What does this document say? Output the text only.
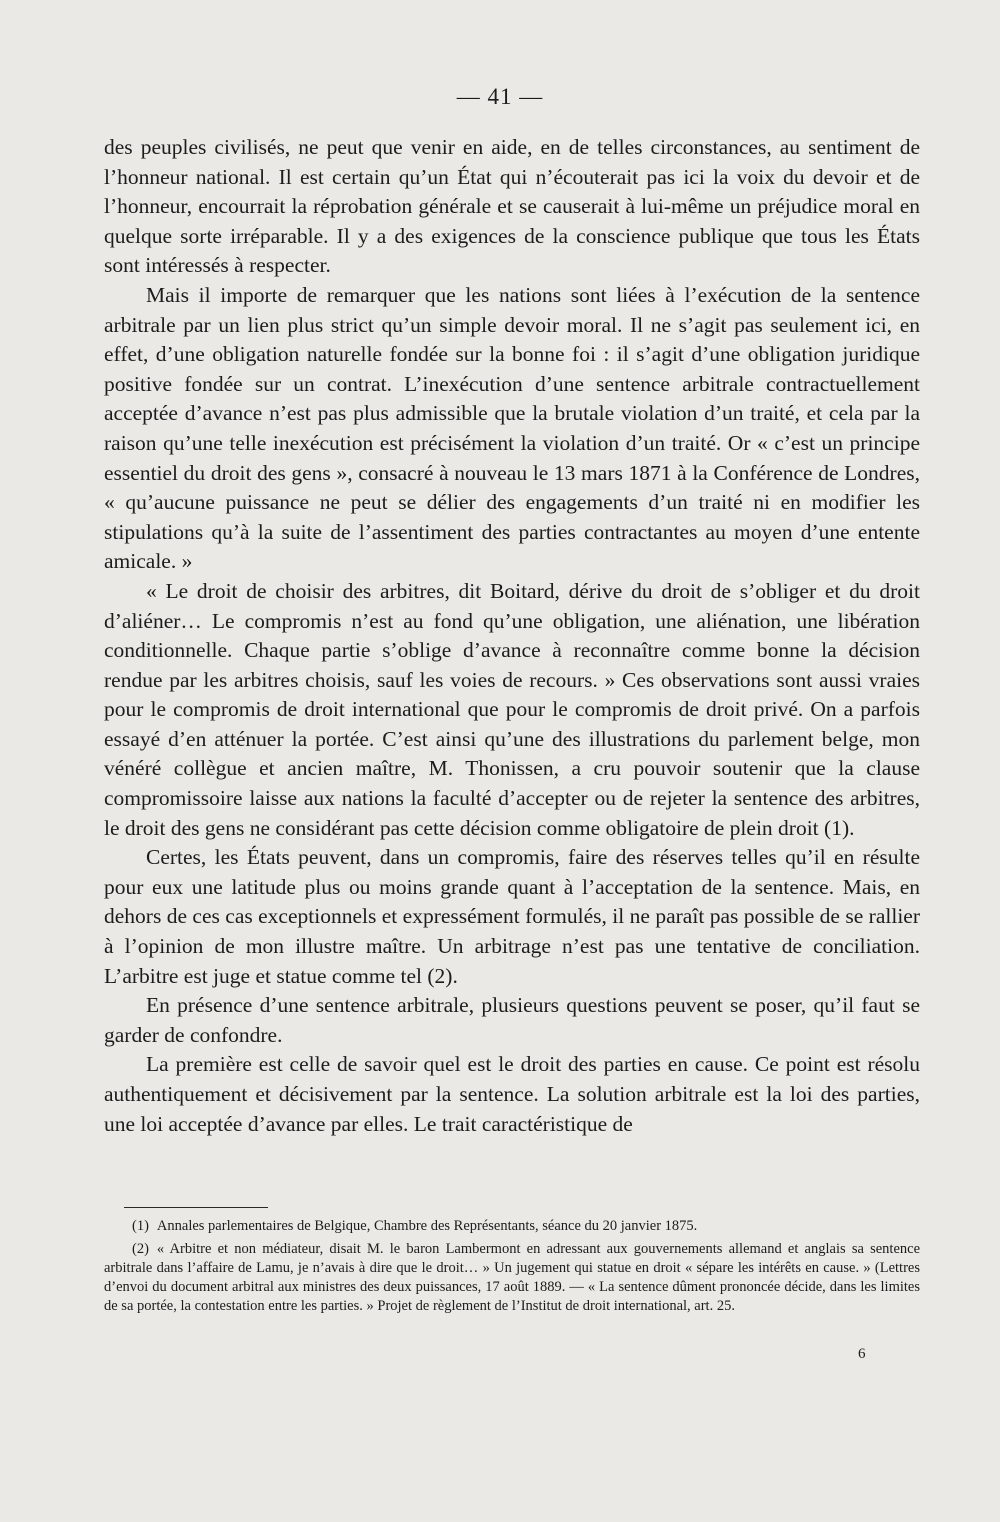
— 41 —

des peuples civilisés, ne peut que venir en aide, en de telles circonstances, au sentiment de l’honneur national. Il est certain qu’un État qui n’écouterait pas ici la voix du devoir et de l’honneur, encourrait la réprobation générale et se causerait à lui-même un préjudice moral en quelque sorte irréparable. Il y a des exigences de la conscience publique que tous les États sont intéressés à respecter.

Mais il importe de remarquer que les nations sont liées à l’exécution de la sentence arbitrale par un lien plus strict qu’un simple devoir moral. Il ne s’agit pas seulement ici, en effet, d’une obligation naturelle fondée sur la bonne foi : il s’agit d’une obligation juridique positive fondée sur un contrat. L’inexécution d’une sentence arbitrale contractuellement acceptée d’avance n’est pas plus admissible que la brutale violation d’un traité, et cela par la raison qu’une telle inexécution est précisément la violation d’un traité. Or « c’est un principe essentiel du droit des gens », consacré à nouveau le 13 mars 1871 à la Conférence de Londres, « qu’aucune puissance ne peut se délier des engagements d’un traité ni en modifier les stipulations qu’à la suite de l’assentiment des parties contractantes au moyen d’une entente amicale. »

« Le droit de choisir des arbitres, dit Boitard, dérive du droit de s’obliger et du droit d’aliéner… Le compromis n’est au fond qu’une obligation, une aliénation, une libération conditionnelle. Chaque partie s’oblige d’avance à reconnaître comme bonne la décision rendue par les arbitres choisis, sauf les voies de recours. » Ces observations sont aussi vraies pour le compromis de droit international que pour le compromis de droit privé. On a parfois essayé d’en atténuer la portée. C’est ainsi qu’une des illustrations du parlement belge, mon vénéré collègue et ancien maître, M. Thonissen, a cru pouvoir soutenir que la clause compromissoire laisse aux nations la faculté d’accepter ou de rejeter la sentence des arbitres, le droit des gens ne considérant pas cette décision comme obligatoire de plein droit (1).

Certes, les États peuvent, dans un compromis, faire des réserves telles qu’il en résulte pour eux une latitude plus ou moins grande quant à l’acceptation de la sentence. Mais, en dehors de ces cas exceptionnels et expressément formulés, il ne paraît pas possible de se rallier à l’opinion de mon illustre maître. Un arbitrage n’est pas une tentative de conciliation. L’arbitre est juge et statue comme tel (2).

En présence d’une sentence arbitrale, plusieurs questions peuvent se poser, qu’il faut se garder de confondre.

La première est celle de savoir quel est le droit des parties en cause. Ce point est résolu authentiquement et décisivement par la sentence. La solution arbitrale est la loi des parties, une loi acceptée d’avance par elles. Le trait caractéristique de

(1) Annales parlementaires de Belgique, Chambre des Représentants, séance du 20 janvier 1875.

(2) « Arbitre et non médiateur, disait M. le baron Lambermont en adressant aux gouvernements allemand et anglais sa sentence arbitrale dans l’affaire de Lamu, je n’avais à dire que le droit… » Un jugement qui statue en droit « sépare les intérêts en cause. » (Lettres d’envoi du document arbitral aux ministres des deux puissances, 17 août 1889. — « La sentence dûment prononcée décide, dans les limites de sa portée, la contestation entre les parties. » Projet de règlement de l’Institut de droit international, art. 25.

6
